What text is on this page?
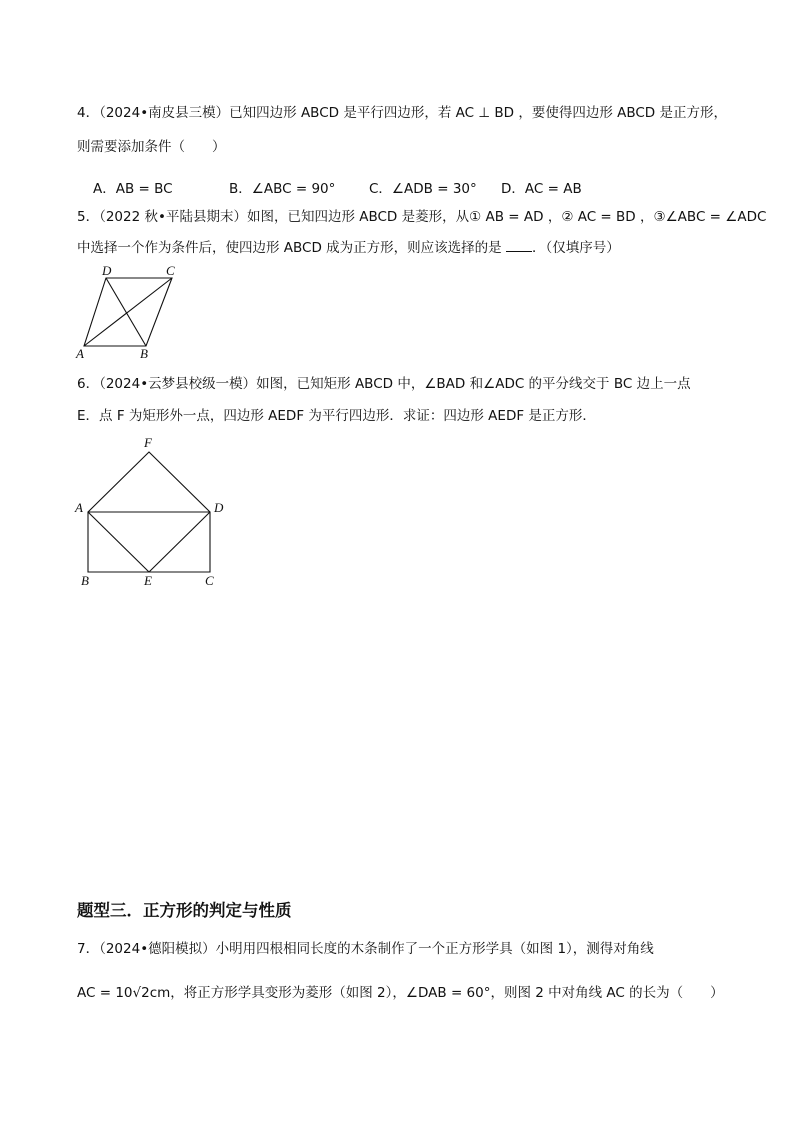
4．（2024•南皮县三模）已知四边形 ABCD 是平行四边形，若 AC ⊥ BD ，要使得四边形 ABCD 是正方形，
则需要添加条件（　　）
A．AB = BC	B．∠ABC = 90° C．∠ADB = 30° D．AC = AB
5．（2022 秋•平陆县期末）如图，已知四边形 ABCD 是菱形，从① AB = AD ，② AC = BD ，③∠ABC = ∠ADC
中选择一个作为条件后，使四边形 ABCD 成为正方形，则应该选择的是 ．（仅填序号）
D	C
A	B
6．（2024•云梦县校级一模）如图，已知矩形 ABCD 中，∠BAD 和∠ADC 的平分线交于 BC 边上一点
E．点 F 为矩形外一点，四边形 AEDF 为平行四边形．求证：四边形 AEDF 是正方形．
F
A	D
B	E	C
题型三．正方形的判定与性质
7．（2024•德阳模拟）小明用四根相同长度的木条制作了一个正方形学具（如图 1），测得对角线
AC = 10√2cm，将正方形学具变形为菱形（如图 2），∠DAB = 60°，则图 2 中对角线 AC 的长为（　　）
